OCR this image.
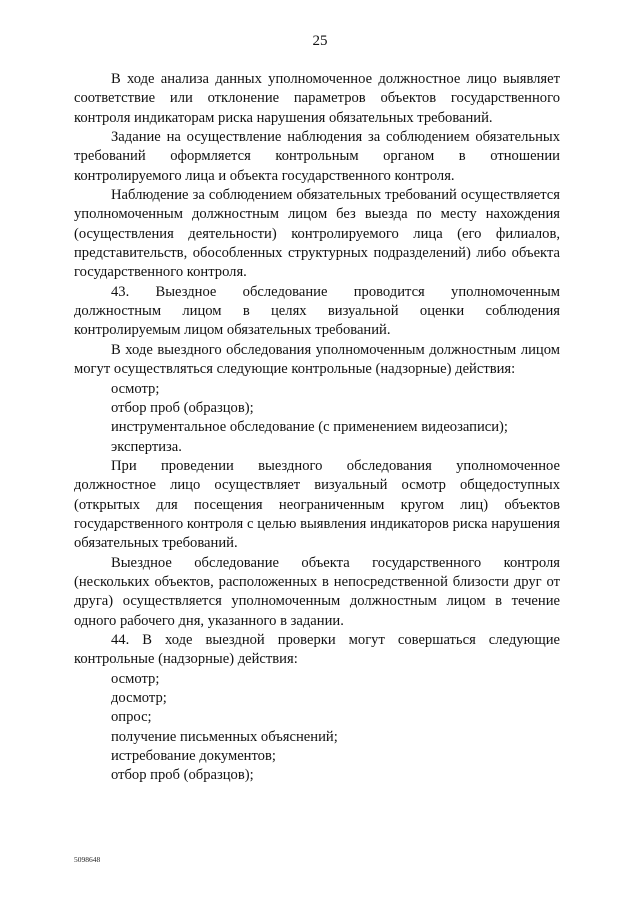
25

В ходе анализа данных уполномоченное должностное лицо выявляет соответствие или отклонение параметров объектов государственного контроля индикаторам риска нарушения обязательных требований.

Задание на осуществление наблюдения за соблюдением обязательных требований оформляется контрольным органом в отношении контролируемого лица и объекта государственного контроля.

Наблюдение за соблюдением обязательных требований осуществляется уполномоченным должностным лицом без выезда по месту нахождения (осуществления деятельности) контролируемого лица (его филиалов, представительств, обособленных структурных подразделений) либо объекта государственного контроля.

43. Выездное обследование проводится уполномоченным должностным лицом в целях визуальной оценки соблюдения контролируемым лицом обязательных требований.

В ходе выездного обследования уполномоченным должностным лицом могут осуществляться следующие контрольные (надзорные) действия:

осмотр;
отбор проб (образцов);
инструментальное обследование (с применением видеозаписи);
экспертиза.

При проведении выездного обследования уполномоченное должностное лицо осуществляет визуальный осмотр общедоступных (открытых для посещения неограниченным кругом лиц) объектов государственного контроля с целью выявления индикаторов риска нарушения обязательных требований.

Выездное обследование объекта государственного контроля (нескольких объектов, расположенных в непосредственной близости друг от друга) осуществляется уполномоченным должностным лицом в течение одного рабочего дня, указанного в задании.

44. В ходе выездной проверки могут совершаться следующие контрольные (надзорные) действия:

осмотр;
досмотр;
опрос;
получение письменных объяснений;
истребование документов;
отбор проб (образцов);
5098648
